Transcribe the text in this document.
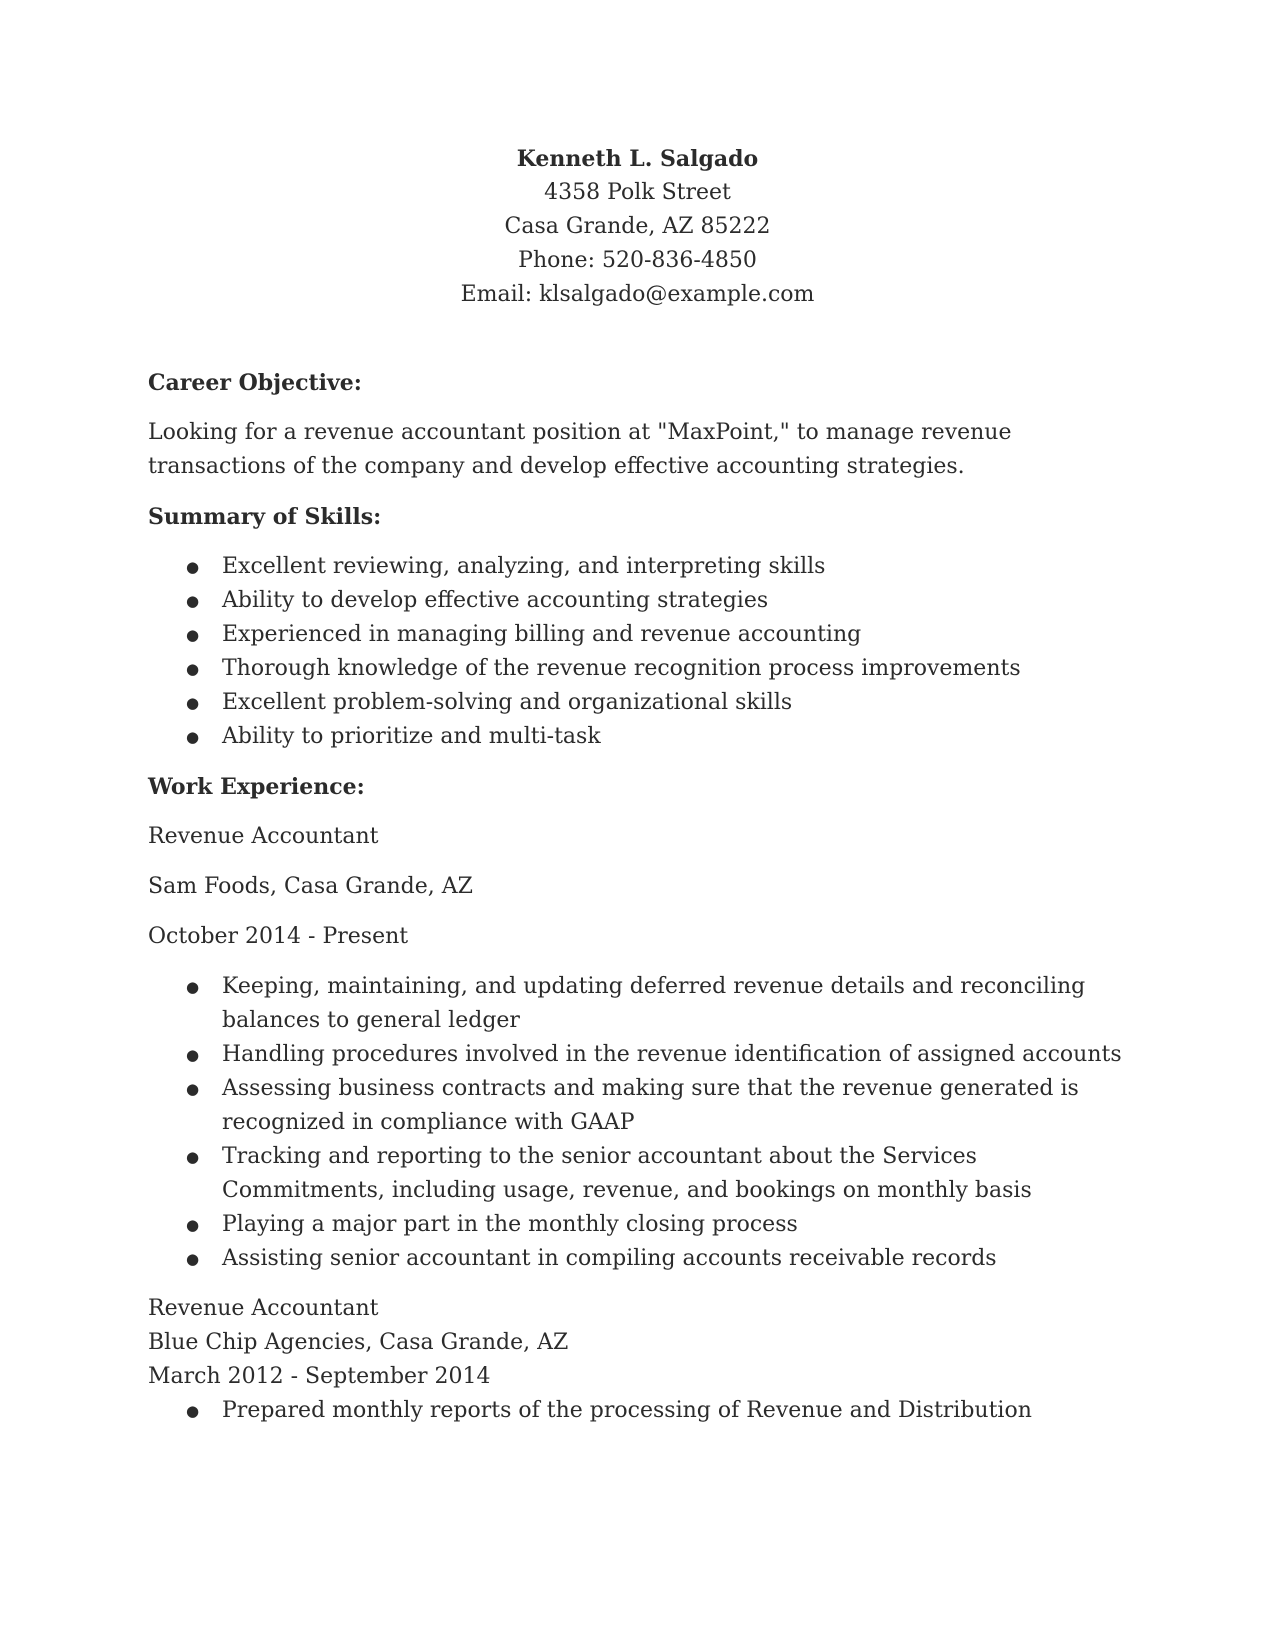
Kenneth L. Salgado
4358 Polk Street
Casa Grande, AZ 85222
Phone: 520-836-4850
Email: klsalgado@example.com
Career Objective:

Looking for a revenue accountant position at "MaxPoint," to manage revenue transactions of the company and develop effective accounting strategies.

Summary of Skills:
● Excellent reviewing, analyzing, and interpreting skills
● Ability to develop effective accounting strategies
● Experienced in managing billing and revenue accounting
● Thorough knowledge of the revenue recognition process improvements
● Excellent problem-solving and organizational skills
● Ability to prioritize and multi-task
Work Experience:

Revenue Accountant

Sam Foods, Casa Grande, AZ

October 2014 - Present

● Keeping, maintaining, and updating deferred revenue details and reconciling balances to general ledger
● Handling procedures involved in the revenue identification of assigned accounts
● Assessing business contracts and making sure that the revenue generated is recognized in compliance with GAAP
● Tracking and reporting to the senior accountant about the Services Commitments, including usage, revenue, and bookings on monthly basis
● Playing a major part in the monthly closing process
● Assisting senior accountant in compiling accounts receivable records

Revenue Accountant

Blue Chip Agencies, Casa Grande, AZ

March 2012 - September 2014

● Prepared monthly reports of the processing of Revenue and Distribution
